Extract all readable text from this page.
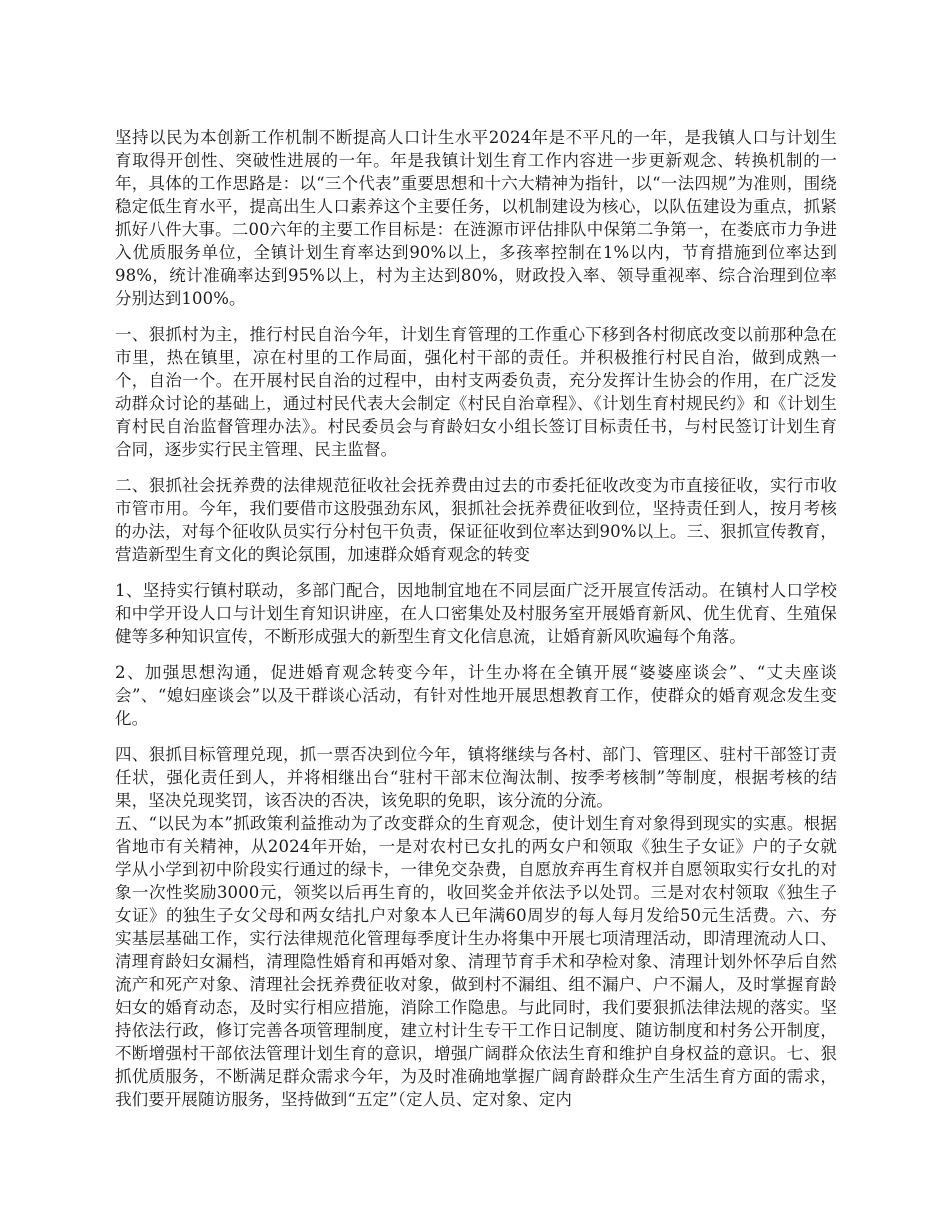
坚持以民为本创新工作机制不断提高人口计生水平2024年是不平凡的一年，是我镇人口与计划生育取得开创性、突破性进展的一年。年是我镇计划生育工作内容进一步更新观念、转换机制的一年，具体的工作思路是：以“三个代表”重要思想和十六大精神为指针，以“一法四规”为准则，围绕稳定低生育水平，提高出生人口素养这个主要任务，以机制建设为核心，以队伍建设为重点，抓紧抓好八件大事。二00六年的主要工作目标是：在涟源市评估排队中保第二争第一，在娄底市力争进入优质服务单位，全镇计划生育率达到90%以上，多孩率控制在1%以内，节育措施到位率达到98%，统计准确率达到95%以上，村为主达到80%，财政投入率、领导重视率、综合治理到位率分别达到100%。

一、狠抓村为主，推行村民自治今年，计划生育管理的工作重心下移到各村彻底改变以前那种急在市里，热在镇里，凉在村里的工作局面，强化村干部的责任。并积极推行村民自治，做到成熟一个，自治一个。在开展村民自治的过程中，由村支两委负责，充分发挥计生协会的作用，在广泛发动群众讨论的基础上，通过村民代表大会制定《村民自治章程》、《计划生育村规民约》和《计划生育村民自治监督管理办法》。村民委员会与育龄妇女小组长签订目标责任书，与村民签订计划生育合同，逐步实行民主管理、民主监督。

二、狠抓社会抚养费的法律规范征收社会抚养费由过去的市委托征收改变为市直接征收，实行市收市管市用。今年，我们要借市这股强劲东风，狠抓社会抚养费征收到位，坚持责任到人，按月考核的办法，对每个征收队员实行分村包干负责，保证征收到位率达到90%以上。三、狠抓宣传教育，营造新型生育文化的舆论氛围，加速群众婚育观念的转变

1、坚持实行镇村联动，多部门配合，因地制宜地在不同层面广泛开展宣传活动。在镇村人口学校和中学开设人口与计划生育知识讲座，在人口密集处及村服务室开展婚育新风、优生优育、生殖保健等多种知识宣传，不断形成强大的新型生育文化信息流，让婚育新风吹遍每个角落。

2、加强思想沟通，促进婚育观念转变今年，计生办将在全镇开展“婆婆座谈会”、“丈夫座谈会”、“媳妇座谈会”以及干群谈心活动，有针对性地开展思想教育工作，使群众的婚育观念发生变化。

四、狠抓目标管理兑现，抓一票否决到位今年，镇将继续与各村、部门、管理区、驻村干部签订责任状，强化责任到人，并将相继出台“驻村干部末位淘汰制、按季考核制”等制度，根据考核的结果，坚决兑现奖罚，该否决的否决，该免职的免职，该分流的分流。

五、“以民为本”抓政策利益推动为了改变群众的生育观念，使计划生育对象得到现实的实惠。根据省地市有关精神，从2024年开始，一是对农村已女扎的两女户和领取《独生子女证》户的子女就学从小学到初中阶段实行通过的绿卡，一律免交杂费，自愿放弃再生育权并自愿领取实行女扎的对象一次性奖励3000元，领奖以后再生育的，收回奖金并依法予以处罚。三是对农村领取《独生子女证》的独生子女父母和两女结扎户对象本人已年满60周岁的每人每月发给50元生活费。六、夯实基层基础工作，实行法律规范化管理每季度计生办将集中开展七项清理活动，即清理流动人口、清理育龄妇女漏档，清理隐性婚育和再婚对象、清理节育手术和孕检对象、清理计划外怀孕后自然流产和死产对象、清理社会抚养费征收对象，做到村不漏组、组不漏户、户不漏人，及时掌握育龄妇女的婚育动态，及时实行相应措施，消除工作隐患。与此同时，我们要狠抓法律法规的落实。坚持依法行政，修订完善各项管理制度，建立村计生专干工作日记制度、随访制度和村务公开制度，不断增强村干部依法管理计划生育的意识，增强广阔群众依法生育和维护自身权益的意识。七、狠抓优质服务，不断满足群众需求今年，为及时准确地掌握广阔育龄群众生产生活生育方面的需求，我们要开展随访服务，坚持做到“五定”（定人员、定对象、定内
